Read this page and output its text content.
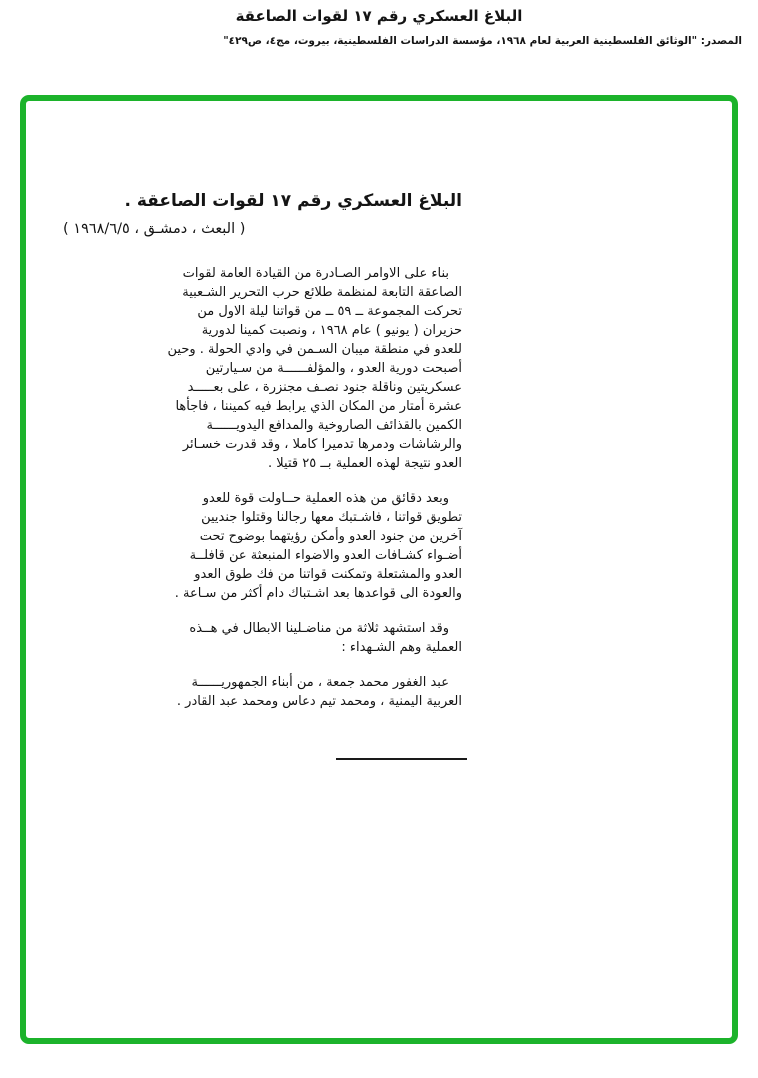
البلاغ العسكري رقم ١٧ لقوات الصاعقة
المصدر: "الوثائق الفلسطينية العربية لعام ١٩٦٨، مؤسسة الدراسات الفلسطينية، بيروت، مج٤، ص٤٢٩"
البلاغ العسكري رقم ١٧ لقوات الصاعقة .
( البعث ، دمشـق ، ١٩٦٨/٦/٥ )
بناء على الاوامر الصـادرة من القيادة العامة لقوات
الصاعقة التابعة لمنظمة طلائع حرب التحرير الشـعبية
تحركت المجموعة ــ ٥٩ ــ من قواتنا ليلة الاول من
حزيران ( يونيو ) عام ١٩٦٨ ، ونصبت كمينا لدورية
للعدو في منطقة ميبان السـمن في وادي الحولة . وحين
أصبحت دورية العدو ، والمؤلفــــــة من سـيارتين
عسكريتين وناقلة جنود نصـف مجنزرة ، على بعـــــد
عشرة أمتار من المكان الذي يرابط فيه كميننا ، فاجأها
الكمين بالقذائف الصاروخية والمدافع اليدويــــــة
والرشاشات ودمرها تدميرا كاملا ، وقد قدرت خسـائر
العدو نتيجة لهذه العملية بــ ٢٥ قتيلا .
وبعد دقائق من هذه العملية حــاولت قوة للعدو
تطويق قواتنا ، فاشـتبك معها رجالنا وقتلوا جنديين
آخرين من جنود العدو وأمكن رؤيتهما بوضوح تحت
أضـواء كشـافات العدو والاضواء المنبعثة عن قافلــة
العدو والمشتعلة وتمكنت قواتنا من فك طوق العدو
والعودة الى قواعدها بعد اشـتباك دام أكثر من سـاعة .
وقد استشهد ثلاثة من مناضـلينا الابطال في هــذه
العملية وهم الشـهداء :
عبد الغفور محمد جمعة ، من أبناء الجمهوريــــــة
العربية اليمنية ، ومحمد تيم دعاس ومحمد عبد القادر .
